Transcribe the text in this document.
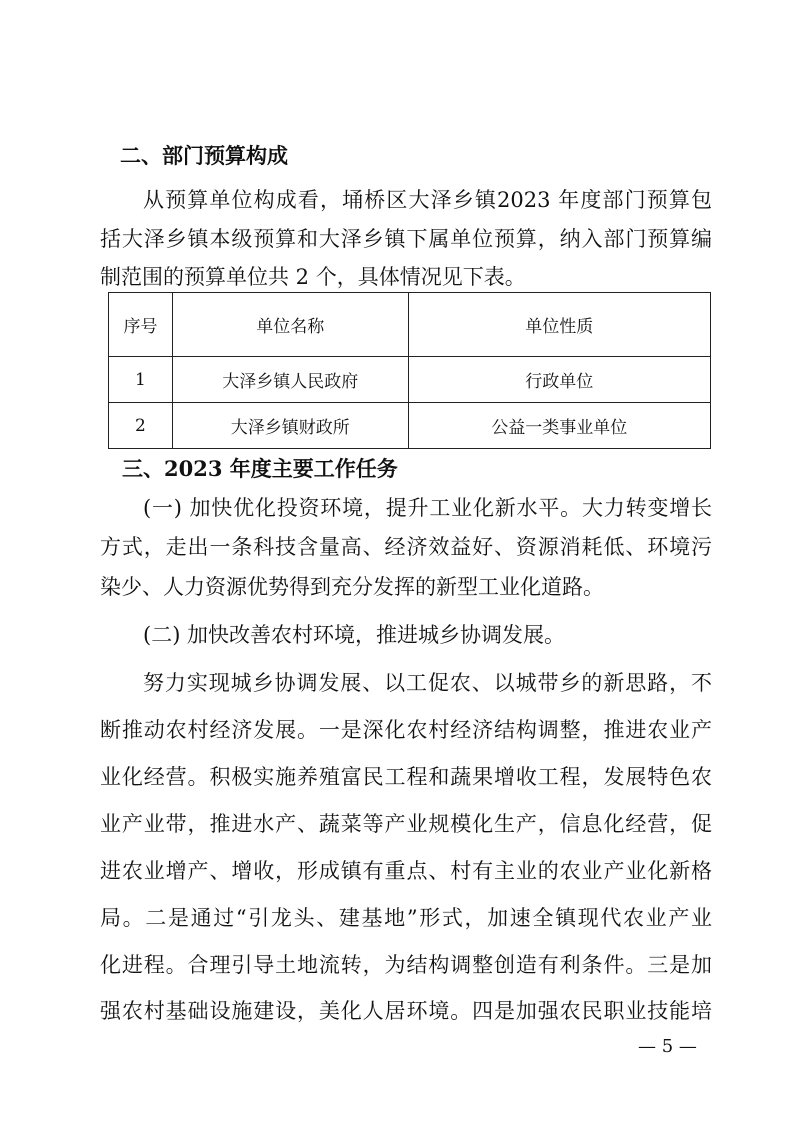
二、部门预算构成
从预算单位构成看，埇桥区大泽乡镇2023 年度部门预算包
括大泽乡镇本级预算和大泽乡镇下属单位预算，纳入部门预算编
制范围的预算单位共 2 个，具体情况见下表。
序号	单位名称	单位性质
1	大泽乡镇人民政府	行政单位
2	大泽乡镇财政所	公益一类事业单位
三、2023 年度主要工作任务
(一) 加快优化投资环境，提升工业化新水平。大力转变增长
方式，走出一条科技含量高、经济效益好、资源消耗低、环境污
染少、人力资源优势得到充分发挥的新型工业化道路。
(二) 加快改善农村环境，推进城乡协调发展。
努力实现城乡协调发展、以工促农、以城带乡的新思路，不
断推动农村经济发展。一是深化农村经济结构调整，推进农业产
业化经营。积极实施养殖富民工程和蔬果增收工程，发展特色农
业产业带，推进水产、蔬菜等产业规模化生产，信息化经营，促
进农业增产、增收，形成镇有重点、村有主业的农业产业化新格
局。二是通过“引龙头、建基地”形式，加速全镇现代农业产业
化进程。合理引导土地流转，为结构调整创造有利条件。三是加
强农村基础设施建设，美化人居环境。四是加强农民职业技能培
— 5 —
